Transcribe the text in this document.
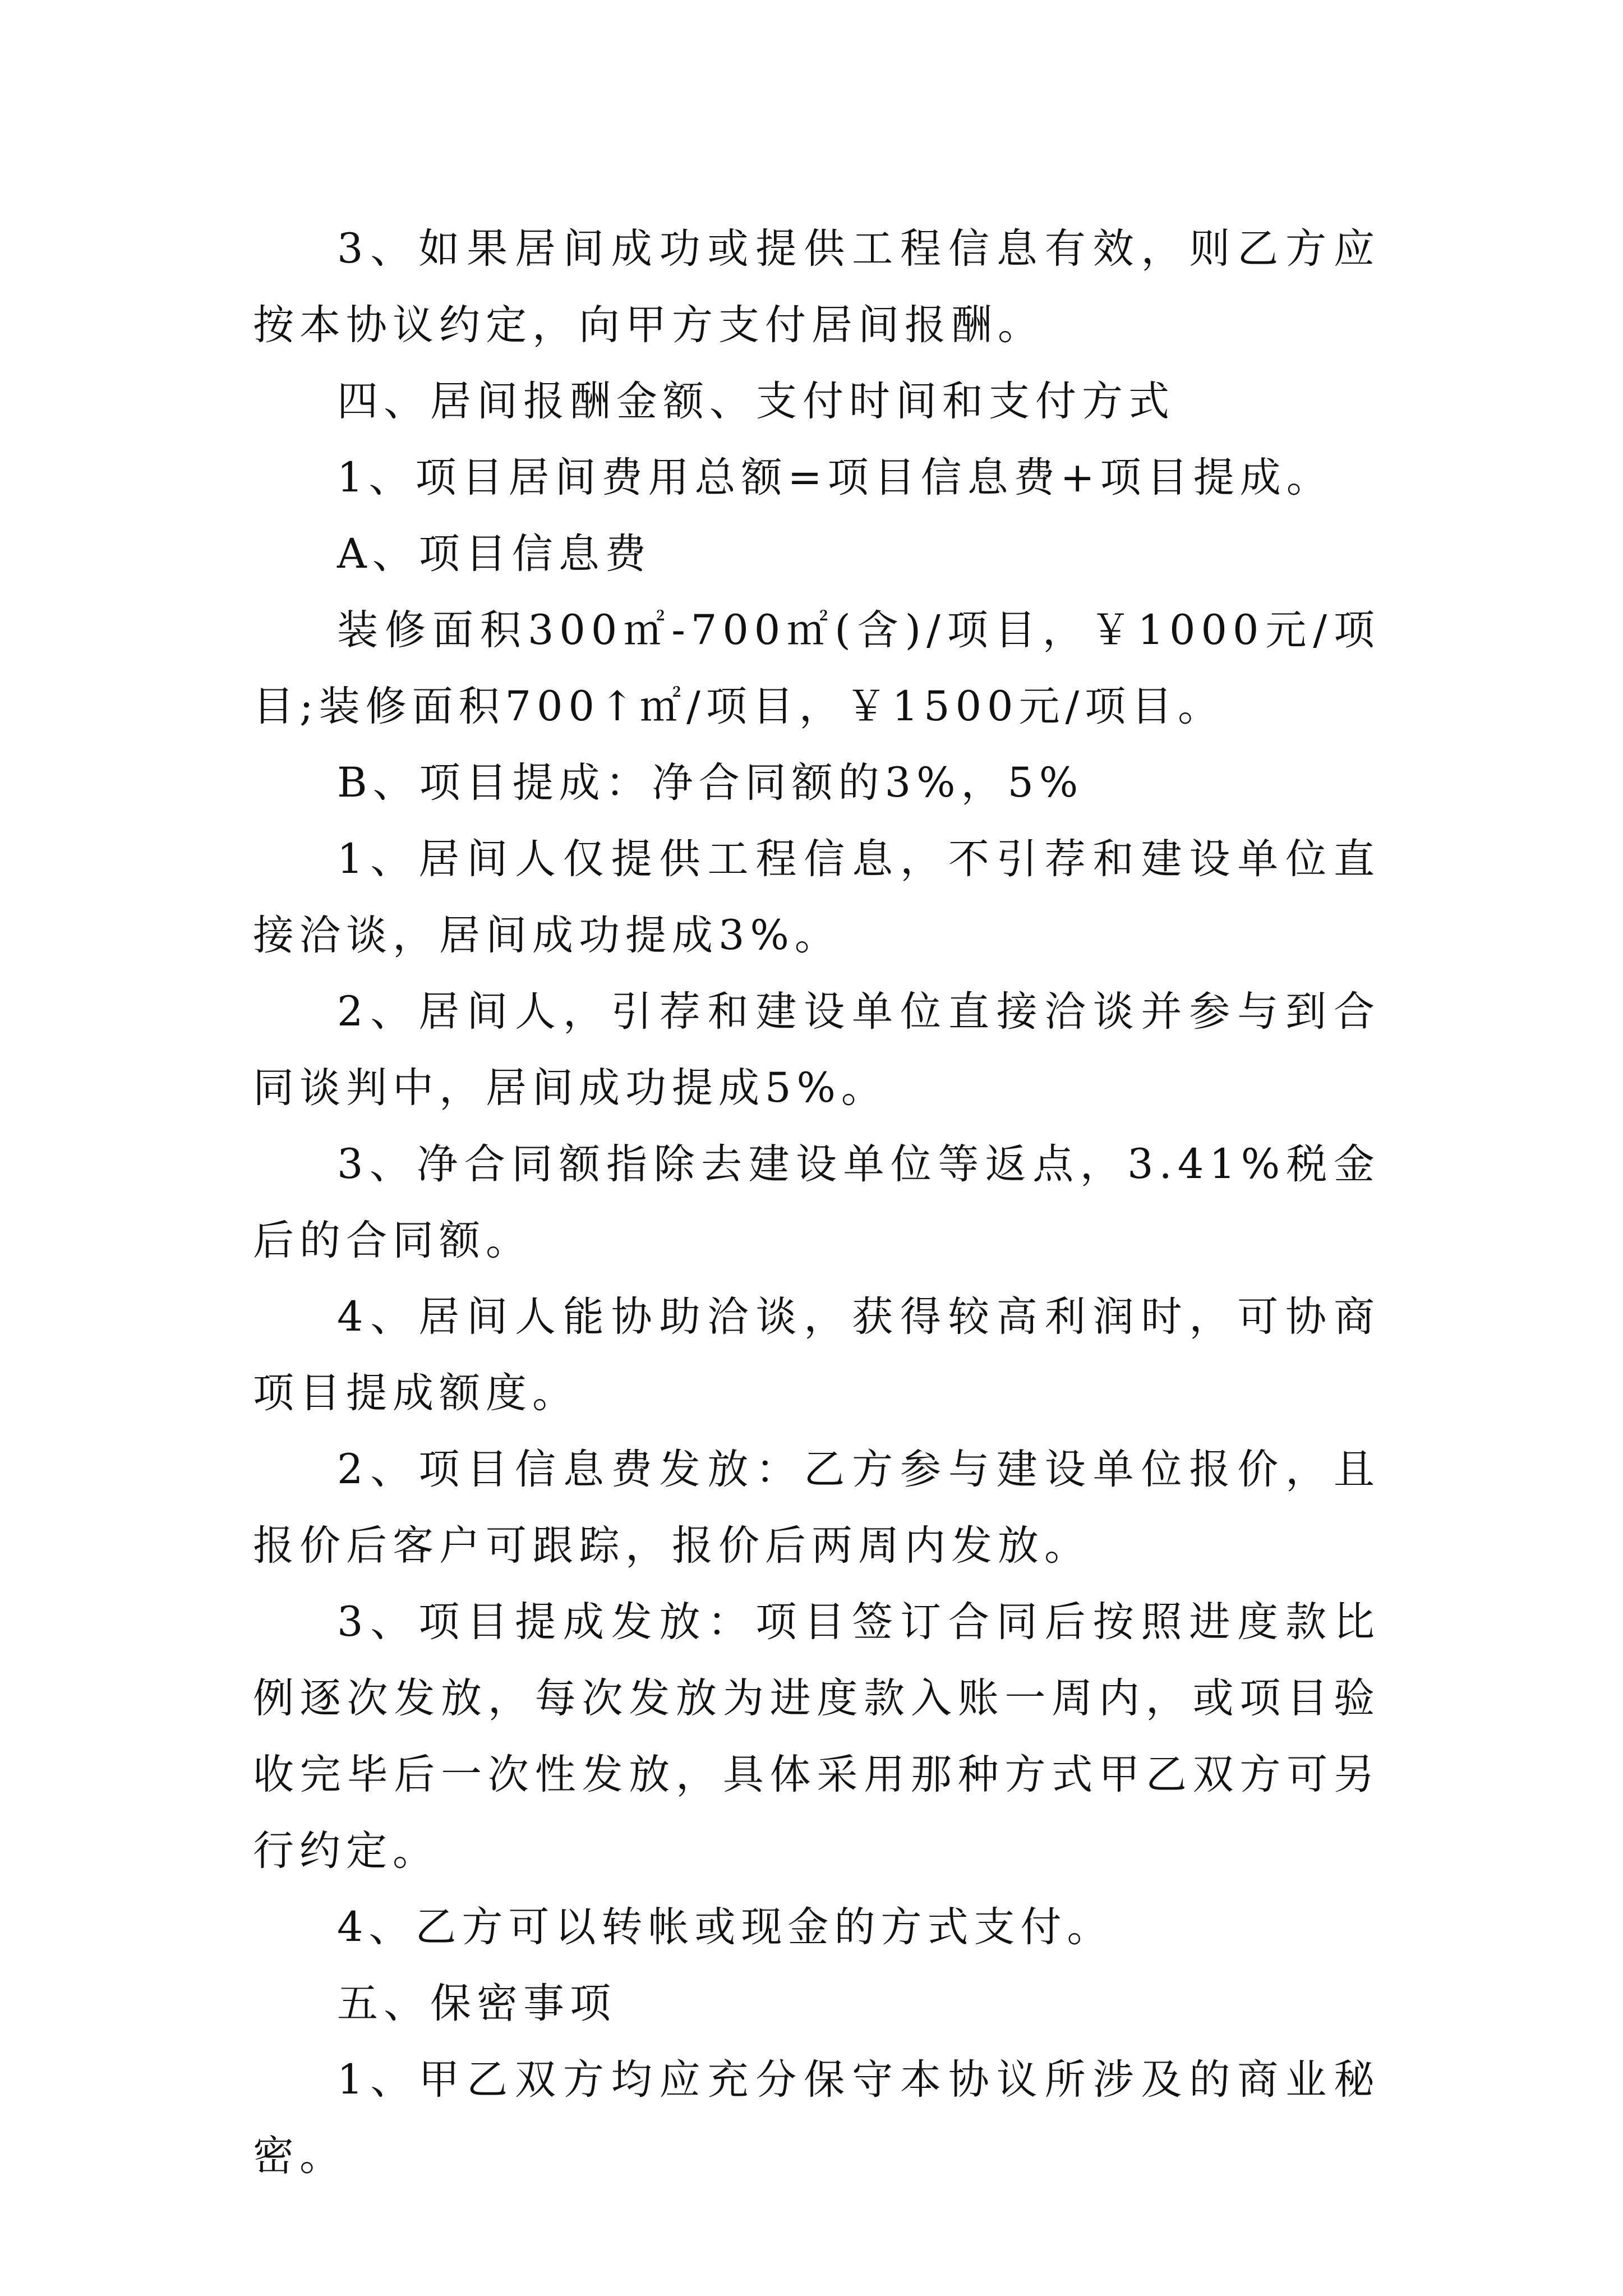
3、如果居间成功或提供工程信息有效，则乙方应按本协议约定，向甲方支付居间报酬。

四、居间报酬金额、支付时间和支付方式

1、项目居间费用总额=项目信息费+项目提成。

A、项目信息费

装修面积300㎡-700㎡(含)/项目，￥1000元/项目;装修面积700↑㎡/项目，￥1500元/项目。

B、项目提成：净合同额的3%，5%

1、居间人仅提供工程信息，不引荐和建设单位直接洽谈，居间成功提成3%。

2、居间人，引荐和建设单位直接洽谈并参与到合同谈判中，居间成功提成5%。

3、净合同额指除去建设单位等返点，3.41%税金后的合同额。

4、居间人能协助洽谈，获得较高利润时，可协商项目提成额度。

2、项目信息费发放：乙方参与建设单位报价，且报价后客户可跟踪，报价后两周内发放。

3、项目提成发放：项目签订合同后按照进度款比例逐次发放，每次发放为进度款入账一周内，或项目验收完毕后一次性发放，具体采用那种方式甲乙双方可另行约定。

4、乙方可以转帐或现金的方式支付。

五、保密事项

1、甲乙双方均应充分保守本协议所涉及的商业秘密。
